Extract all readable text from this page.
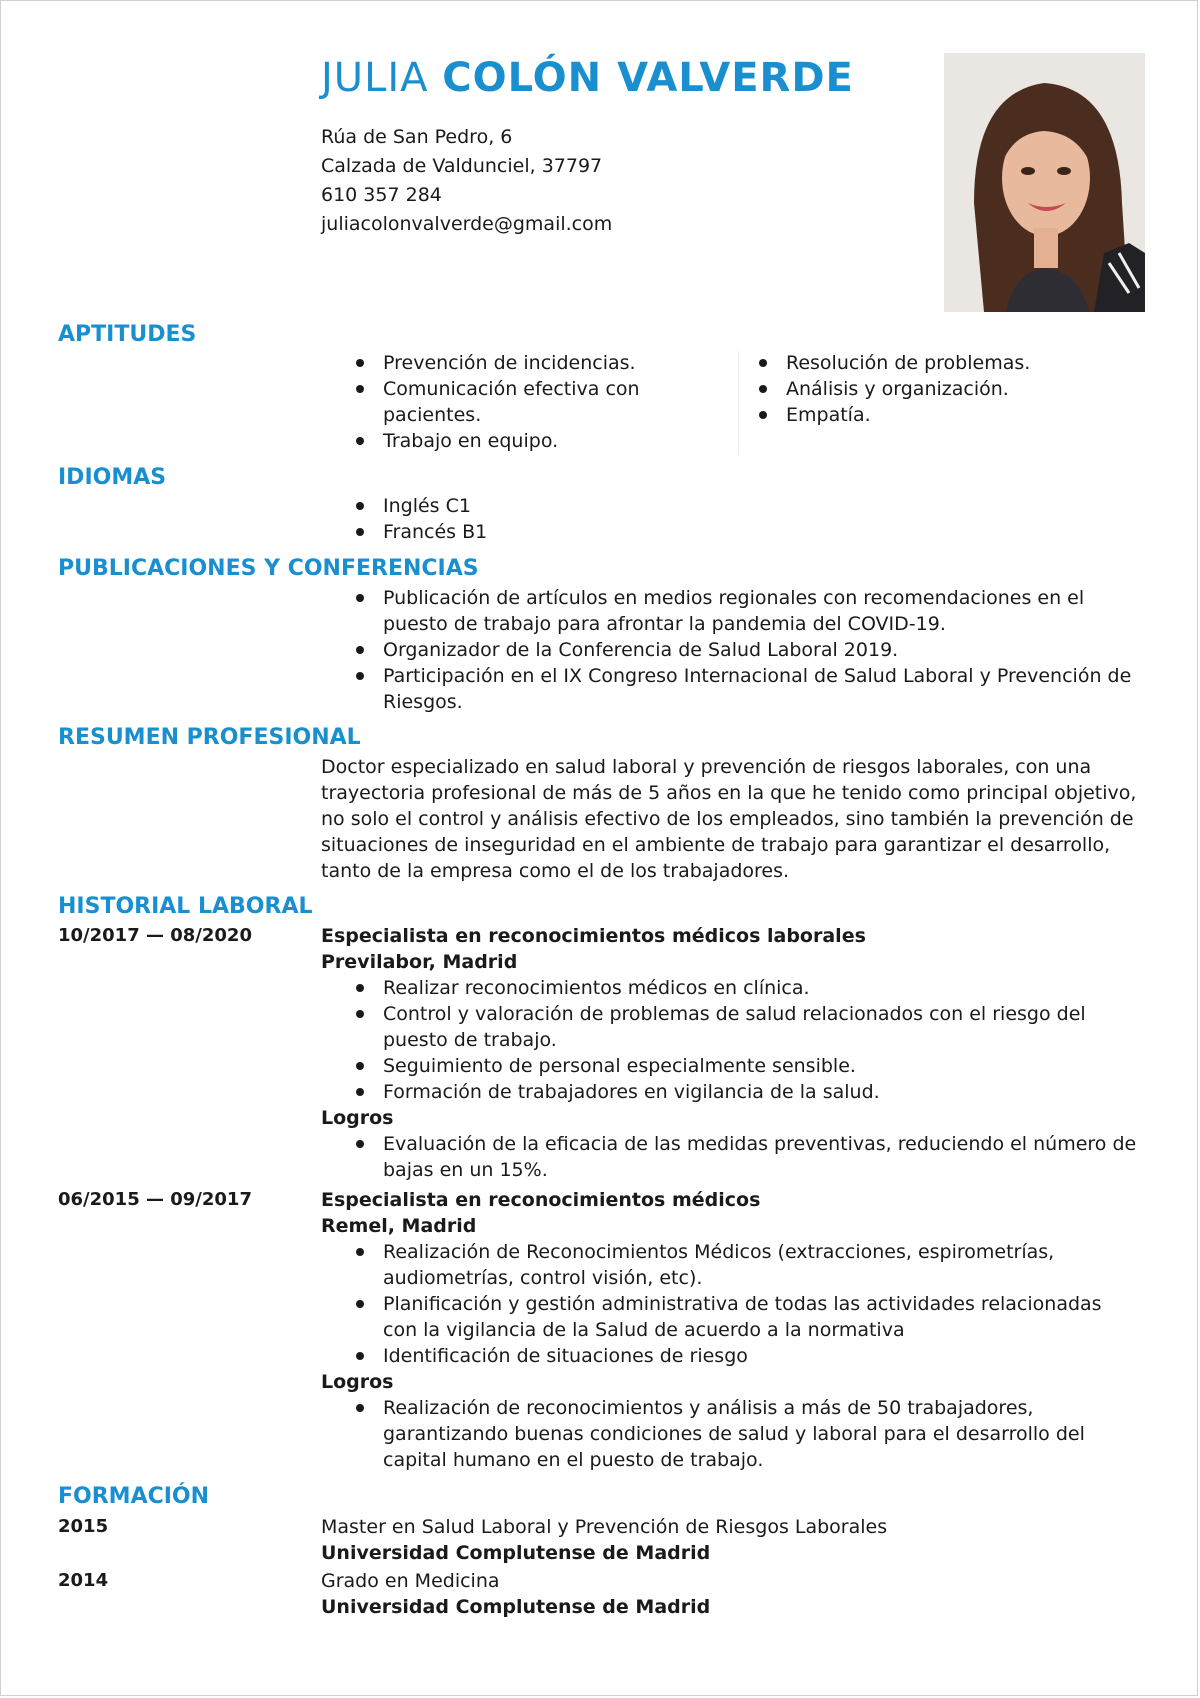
JULIA COLÓN VALVERDE
Rúa de San Pedro, 6
Calzada de Valdunciel, 37797
610 357 284
juliacolonvalverde@gmail.com
APTITUDES
Prevención de incidencias.
Comunicación efectiva con pacientes.
Trabajo en equipo.
Resolución de problemas.
Análisis y organización.
Empatía.
IDIOMAS
Inglés C1
Francés B1
PUBLICACIONES Y CONFERENCIAS
Publicación de artículos en medios regionales con recomendaciones en el puesto de trabajo para afrontar la pandemia del COVID-19.
Organizador de la Conferencia de Salud Laboral 2019.
Participación en el IX Congreso Internacional de Salud Laboral y Prevención de Riesgos.
RESUMEN PROFESIONAL

Doctor especializado en salud laboral y prevención de riesgos laborales, con una trayectoria profesional de más de 5 años en la que he tenido como principal objetivo, no solo el control y análisis efectivo de los empleados, sino también la prevención de situaciones de inseguridad en el ambiente de trabajo para garantizar el desarrollo, tanto de la empresa como el de los trabajadores.

HISTORIAL LABORAL
10/2017 — 08/2020	Especialista en reconocimientos médicos laborales
Previlabor, Madrid
Realizar reconocimientos médicos en clínica.
Control y valoración de problemas de salud relacionados con el riesgo del puesto de trabajo.
Seguimiento de personal especialmente sensible.
Formación de trabajadores en vigilancia de la salud.
Logros
Evaluación de la eficacia de las medidas preventivas, reduciendo el número de bajas en un 15%.
06/2015 — 09/2017	Especialista en reconocimientos médicos
Remel, Madrid
Realización de Reconocimientos Médicos (extracciones, espirometrías, audiometrías, control visión, etc).
Planificación y gestión administrativa de todas las actividades relacionadas con la vigilancia de la Salud de acuerdo a la normativa
Identificación de situaciones de riesgo
Logros
Realización de reconocimientos y análisis a más de 50 trabajadores, garantizando buenas condiciones de salud y laboral para el desarrollo del capital humano en el puesto de trabajo.
FORMACIÓN
2015	Master en Salud Laboral y Prevención de Riesgos Laborales
Universidad Complutense de Madrid
2014	Grado en Medicina
Universidad Complutense de Madrid
